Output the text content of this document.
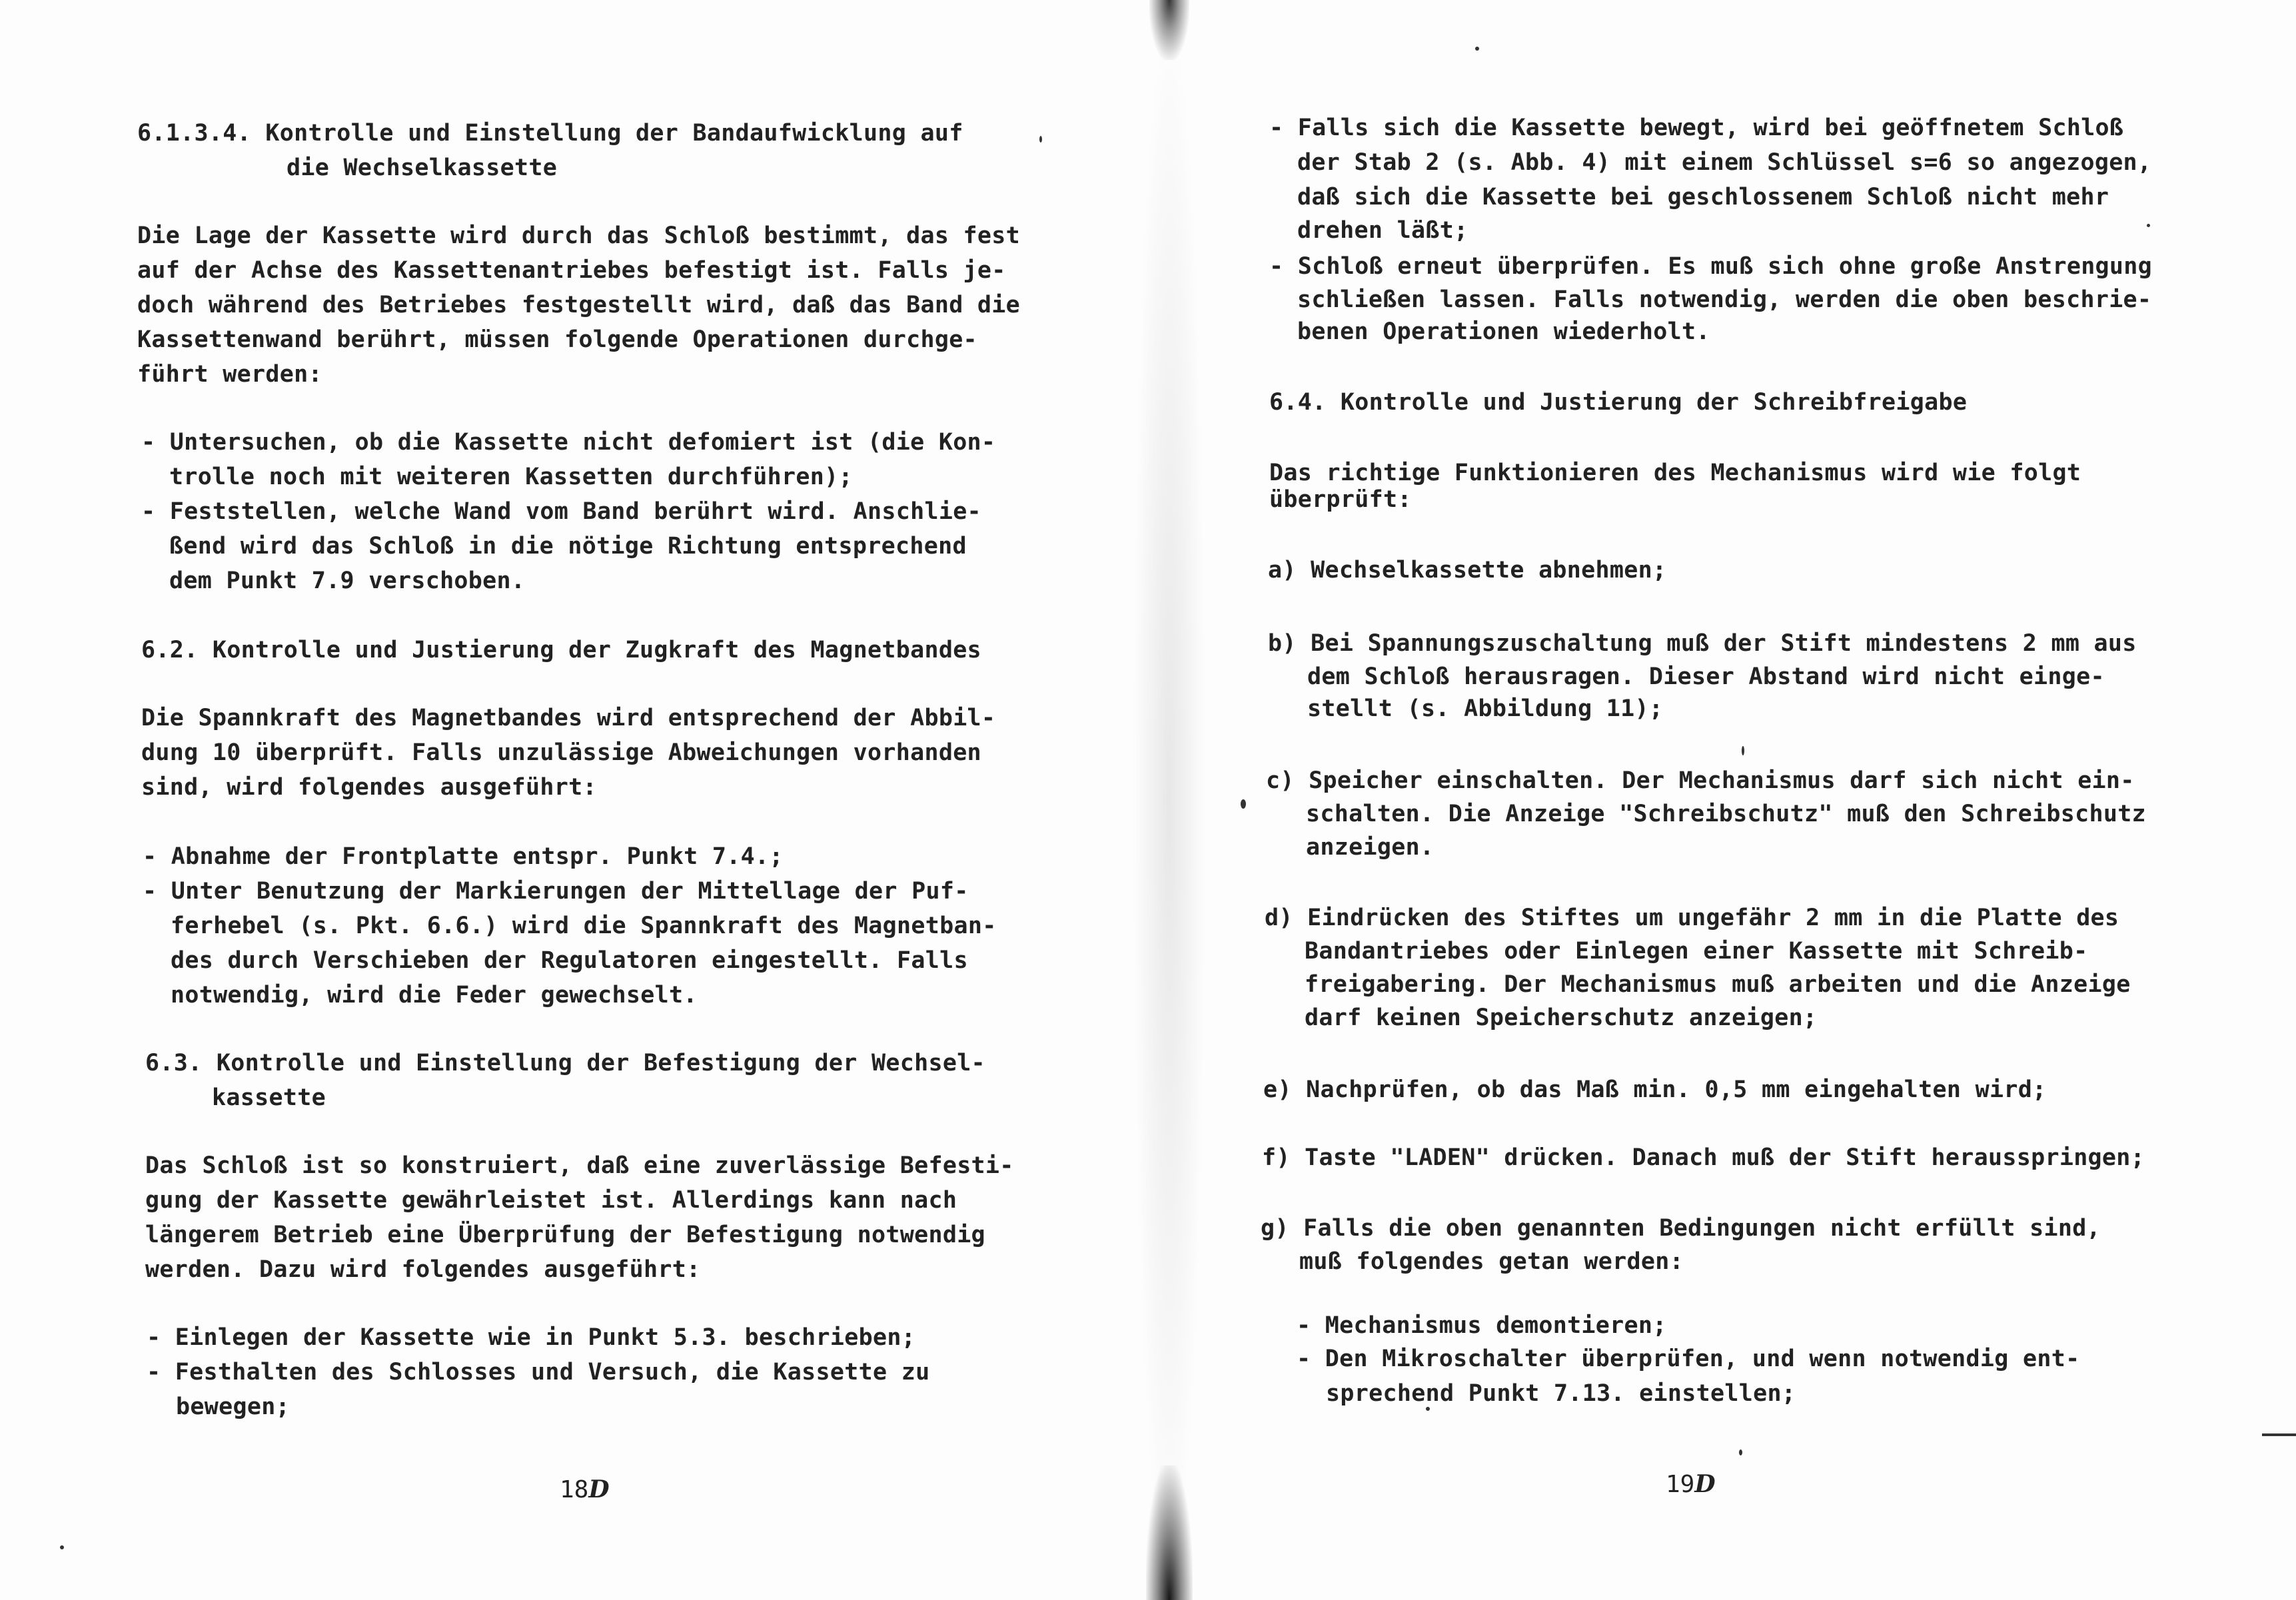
6.1.3.4. Kontrolle und Einstellung der Bandaufwicklung auf
die Wechselkassette
Die Lage der Kassette wird durch das Schloß bestimmt, das fest
auf der Achse des Kassettenantriebes befestigt ist. Falls je-
doch während des Betriebes festgestellt wird, daß das Band die
Kassettenwand berührt, müssen folgende Operationen durchge-
führt werden:
- Untersuchen, ob die Kassette nicht defomiert ist (die Kon-
trolle noch mit weiteren Kassetten durchführen);
- Feststellen, welche Wand vom Band berührt wird. Anschlie-
ßend wird das Schloß in die nötige Richtung entsprechend
dem Punkt 7.9 verschoben.
6.2. Kontrolle und Justierung der Zugkraft des Magnetbandes
Die Spannkraft des Magnetbandes wird entsprechend der Abbil-
dung 10 überprüft. Falls unzulässige Abweichungen vorhanden
sind, wird folgendes ausgeführt:
- Abnahme der Frontplatte entspr. Punkt 7.4.;
- Unter Benutzung der Markierungen der Mittellage der Puf-
ferhebel (s. Pkt. 6.6.) wird die Spannkraft des Magnetban-
des durch Verschieben der Regulatoren eingestellt. Falls
notwendig, wird die Feder gewechselt.
6.3. Kontrolle und Einstellung der Befestigung der Wechsel-
kassette
Das Schloß ist so konstruiert, daß eine zuverlässige Befesti-
gung der Kassette gewährleistet ist. Allerdings kann nach
längerem Betrieb eine Überprüfung der Befestigung notwendig
werden. Dazu wird folgendes ausgeführt:
- Einlegen der Kassette wie in Punkt 5.3. beschrieben;
- Festhalten des Schlosses und Versuch, die Kassette zu
bewegen;
18D
- Falls sich die Kassette bewegt, wird bei geöffnetem Schloß
der Stab 2 (s. Abb. 4) mit einem Schlüssel s=6 so angezogen,
daß sich die Kassette bei geschlossenem Schloß nicht mehr
drehen läßt;
- Schloß erneut überprüfen. Es muß sich ohne große Anstrengung
schließen lassen. Falls notwendig, werden die oben beschrie-
benen Operationen wiederholt.
6.4. Kontrolle und Justierung der Schreibfreigabe
Das richtige Funktionieren des Mechanismus wird wie folgt
überprüft:
a) Wechselkassette abnehmen;
b) Bei Spannungszuschaltung muß der Stift mindestens 2 mm aus
dem Schloß herausragen. Dieser Abstand wird nicht einge-
stellt (s. Abbildung 11);
c) Speicher einschalten. Der Mechanismus darf sich nicht ein-
schalten. Die Anzeige "Schreibschutz" muß den Schreibschutz
anzeigen.
d) Eindrücken des Stiftes um ungefähr 2 mm in die Platte des
Bandantriebes oder Einlegen einer Kassette mit Schreib-
freigabering. Der Mechanismus muß arbeiten und die Anzeige
darf keinen Speicherschutz anzeigen;
e) Nachprüfen, ob das Maß min. 0,5 mm eingehalten wird;
f) Taste "LADEN" drücken. Danach muß der Stift herausspringen;
g) Falls die oben genannten Bedingungen nicht erfüllt sind,
muß folgendes getan werden:
- Mechanismus demontieren;
- Den Mikroschalter überprüfen, und wenn notwendig ent-
sprechend Punkt 7.13. einstellen;
19D
